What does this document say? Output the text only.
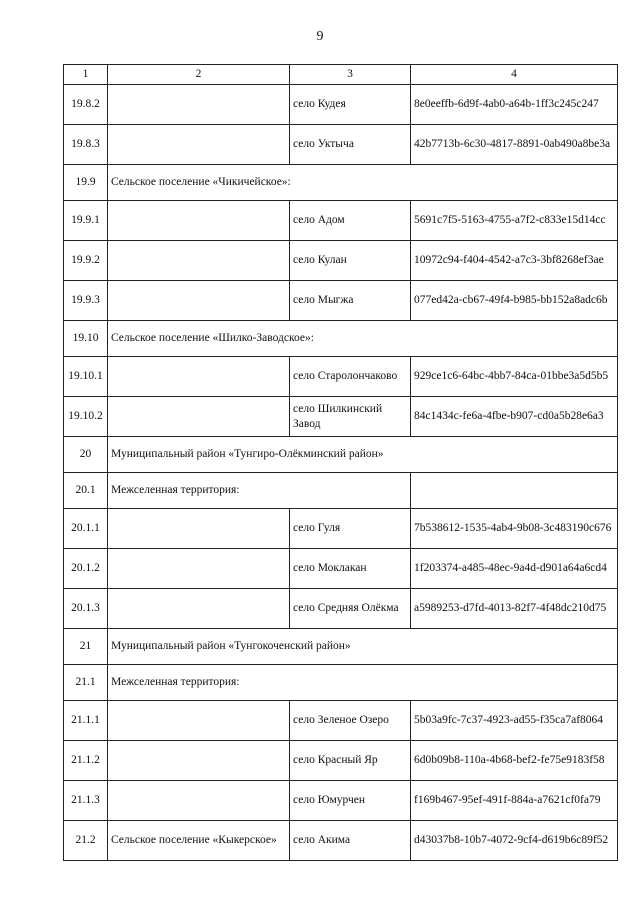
9
1	2	3	4
19.8.2		село Кудея	8e0eeffb-6d9f-4ab0-a64b-1ff3c245c247
19.8.3		село Уктыча	42b7713b-6c30-4817-8891-0ab490a8be3a
19.9	Сельское поселение «Чикичейское»:		
19.9.1		село Адом	5691c7f5-5163-4755-a7f2-c833e15d14cc
19.9.2		село Кулан	10972c94-f404-4542-a7c3-3bf8268ef3ae
19.9.3		село Мыгжа	077ed42a-cb67-49f4-b985-bb152a8adc6b
19.10	Сельское поселение «Шилко-Заводское»:		
19.10.1		село Старолончаково	929ce1c6-64bc-4bb7-84ca-01bbe3a5d5b5
19.10.2		село Шилкинский Завод	84c1434c-fe6a-4fbe-b907-cd0a5b28e6a3
20	Муниципальный район «Тунгиро-Олёкминский район»		
20.1	Межселенная территория:		
20.1.1		село Гуля	7b538612-1535-4ab4-9b08-3c483190c676
20.1.2		село Моклакан	1f203374-a485-48ec-9a4d-d901a64a6cd4
20.1.3		село Средняя Олёкма	a5989253-d7fd-4013-82f7-4f48dc210d75
21	Муниципальный район «Тунгокоченский район»		
21.1	Межселенная территория:		
21.1.1		село Зеленое Озеро	5b03a9fc-7c37-4923-ad55-f35ca7af8064
21.1.2		село Красный Яр	6d0b09b8-110a-4b68-bef2-fe75e9183f58
21.1.3		село Юмурчен	f169b467-95ef-491f-884a-a7621cf0fa79
21.2	Сельское поселение «Кыкерское»	село Акима	d43037b8-10b7-4072-9cf4-d619b6c89f52
